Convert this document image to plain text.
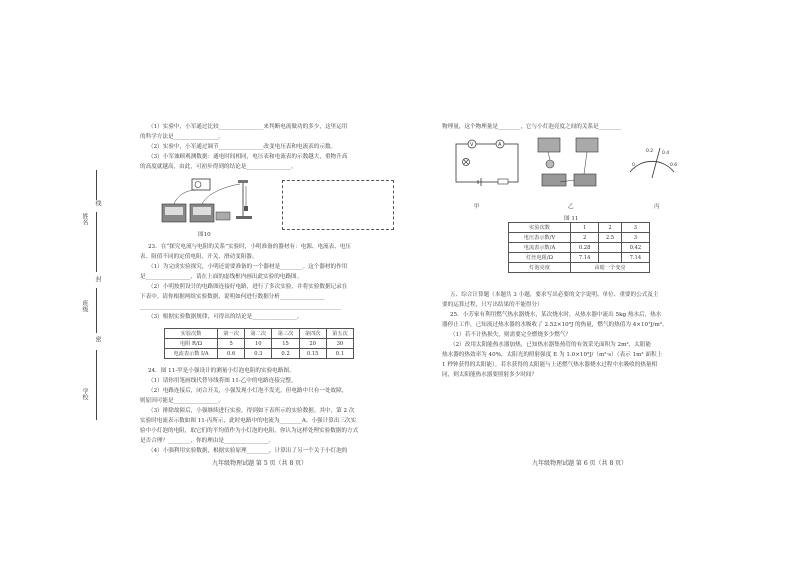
线
封
密
姓名
班级
学校
（1）实验中，小军通过比较________________来判断电流做功的多少，这里运用
的科学方法是________________。
（2）实验中，小军通过调节________________改变电压表和电流表的示数。
（3）小军兼顾观测数据：通电时间相同，电压表和电流表的示数越大，重物升高
的高度就越高，由此，可初步得到的结论是________________。
图10
23．在“探究电流与电阻的关系”实验时，小明准备的器材有：电源、电流表、电压
表、阻值不同的定值电阻、开关、滑动变阻器。
（1）为完成实验探究，小明还需要准备的一个器材是________。这个器材的作用
是________________，请在上面的虚线框内画出此实验的电路图。
（2）小明按照设计的电路图连接好电路，进行了多次实验，并将实验数据记录在
下表中。请你根据两组实验数据，说明如何进行数据分析________________
________________________________________________________________________
（3）根据实验数据规律，可得出的结论是________________。
实验次数	第一次	第二次	第三次	第四次	第五次
电阻 R/Ω	5	10	15	20	30
电流表示数 I/A	0.6	0.3	0.2	0.15	0.1
24．图 11-甲是小强设计的测量小灯泡电阻的实验电路图。
（1）请你用笔画线代替导线将图 11-乙中的电路连接完整。
（2）电路连接后，闭合开关，小强发现小灯泡不发光，但电路中只有一处故障，
则原因可能是________________。
（3）排除故障后，小强继续进行实验，得到如下表所示的实验数据。其中，第 2 次
实验时电流表示数如图 11-丙所示，此时电路中的电流为________A。小强计算出三次实
验中小灯泡的电阻，取它们的平均值作为小灯泡的电阻，你认为这样处理实验数据的方式
是否合理？________，你的理由是________________。
（4）小强利用实验数据，根据实验原理________，计算出了另一个关于小灯泡的
九年级物理试题 第 5 页（共 8 页）
物理量，这个物理量是________，它与小灯泡亮度之间的关系是________
V	A
0
0.2 0.4
0.6
甲	乙	丙
图 11
实验次数	1	2	3
电压表示数/V	2	2.5	3
电流表示数/A	0.28		0.42
灯丝电阻/Ω	7.14		7.14
灯泡亮度	由暗一个变亮		
五、综合计算题（本题共 3 小题，要求写出必要的文字说明、单位、重要的公式及主
要的运算过程，只写出结果的不能得分）
25．小芳家有利用燃气热水器烧水，某次烧水时，从热水器中流出 5kg 热水后，热水
器停止工作，已知流过热水器的水吸收了 2.52×10⁶J 的热量，燃气的热值为 4×10⁷J/m³。
（1）若不计热损失，则需要完全燃烧多少燃气？
（2）改用太阳能热水器加热，已知热水器集热管的有效采光面积为 2m²，太阳能
热水器的热效率为 40%，太阳光的照射强度 E 为 1.0×10³J/（m²·s）（表示 1m² 面积上
1 秒钟获得的太阳能）。若水获得的太阳能与上述燃气热水器烧水过程中水吸收的热量相
同，则太阳能热水器要照射多少时间？
九年级物理试题 第 6 页（共 8 页）
